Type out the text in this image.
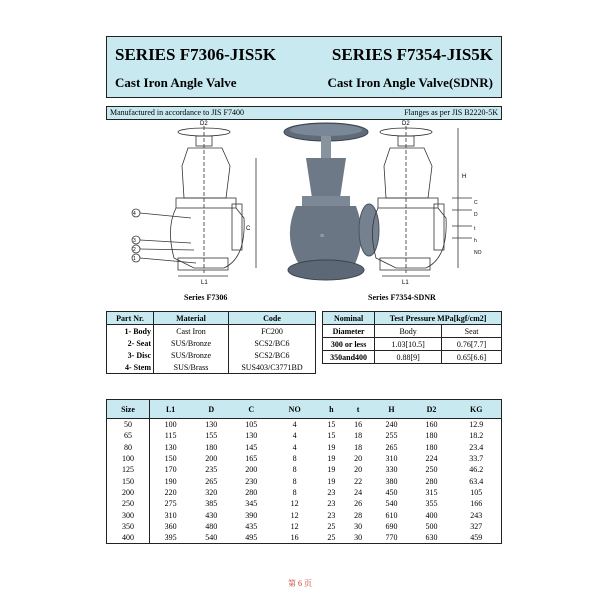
SERIES F7306-JIS5K	SERIES F7354-JIS5K
Cast Iron Angle Valve	Cast Iron Angle Valve(SDNR)
Manufactured in accordance to JIS F7400	Flanges as per JIS B2220-5K
D2
C
L1
4
3
2
1
≡
D2
H
L1
C
D
t
h
NO
Series F7306	Series F7354-SDNR
Part Nr.	Material	Code
1- Body	Cast Iron	FC200
2- Seat	SUS/Bronze	SCS2/BC6
3- Disc	SUS/Bronze	SCS2/BC6
4- Stem	SUS/Brass	SUS403/C3771BD
Nominal	Test Pressure MPa[kgf/cm2]	
Diameter	Body	Seat
300 or less	1.03[10.5]	0.76[7.7]
350and400	0.88[9]	0.65[6.6]
Size	L1	D	C	NO	h	t	H	D2	KG
50	100	130	105	4	15	16	240	160	12.9
65	115	155	130	4	15	18	255	180	18.2
80	130	180	145	4	19	18	265	180	23.4
100	150	200	165	8	19	20	310	224	33.7
125	170	235	200	8	19	20	330	250	46.2
150	190	265	230	8	19	22	380	280	63.4
200	220	320	280	8	23	24	450	315	105
250	275	385	345	12	23	26	540	355	166
300	310	430	390	12	23	28	610	400	243
350	360	480	435	12	25	30	690	500	327
400	395	540	495	16	25	30	770	630	459
第 6 页
